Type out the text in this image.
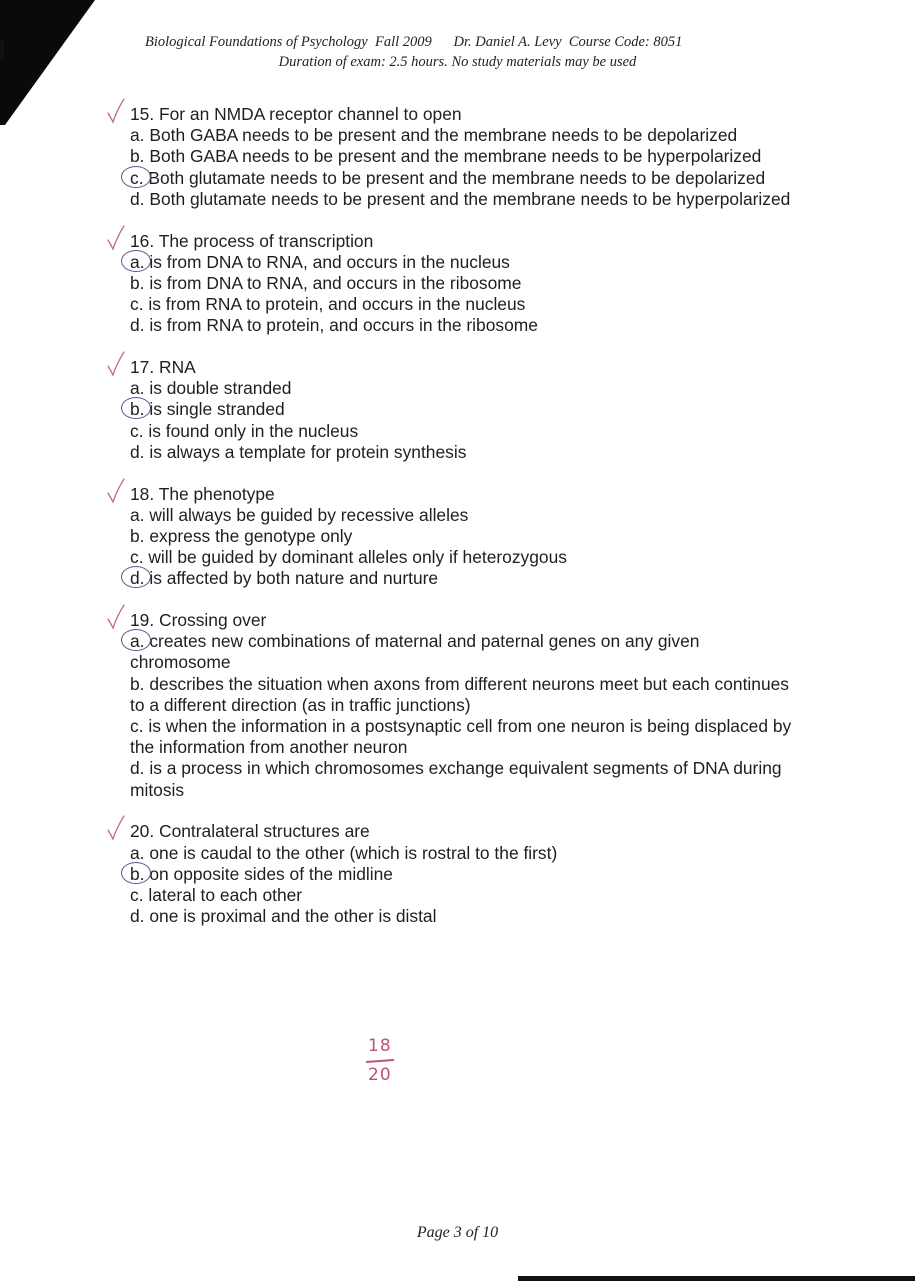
Biological Foundations of Psychology Fall 2009 Dr. Daniel A. Levy Course Code: 8051
Duration of exam: 2.5 hours. No study materials may be used
15. For an NMDA receptor channel to open
a. Both GABA needs to be present and the membrane needs to be depolarized
b. Both GABA needs to be present and the membrane needs to be hyperpolarized
c. Both glutamate needs to be present and the membrane needs to be depolarized
d. Both glutamate needs to be present and the membrane needs to be hyperpolarized
16. The process of transcription
a. is from DNA to RNA, and occurs in the nucleus
b. is from DNA to RNA, and occurs in the ribosome
c. is from RNA to protein, and occurs in the nucleus
d. is from RNA to protein, and occurs in the ribosome
17. RNA
a. is double stranded
b. is single stranded
c. is found only in the nucleus
d. is always a template for protein synthesis
18. The phenotype
a. will always be guided by recessive alleles
b. express the genotype only
c. will be guided by dominant alleles only if heterozygous
d. is affected by both nature and nurture
19. Crossing over
a. creates new combinations of maternal and paternal genes on any given chromosome
b. describes the situation when axons from different neurons meet but each continues to a different direction (as in traffic junctions)
c. is when the information in a postsynaptic cell from one neuron is being displaced by the information from another neuron
d. is a process in which chromosomes exchange equivalent segments of DNA during mitosis
20. Contralateral structures are
a. one is caudal to the other (which is rostral to the first)
b. on opposite sides of the midline
c. lateral to each other
d. one is proximal and the other is distal
18
20
Page 3 of 10
